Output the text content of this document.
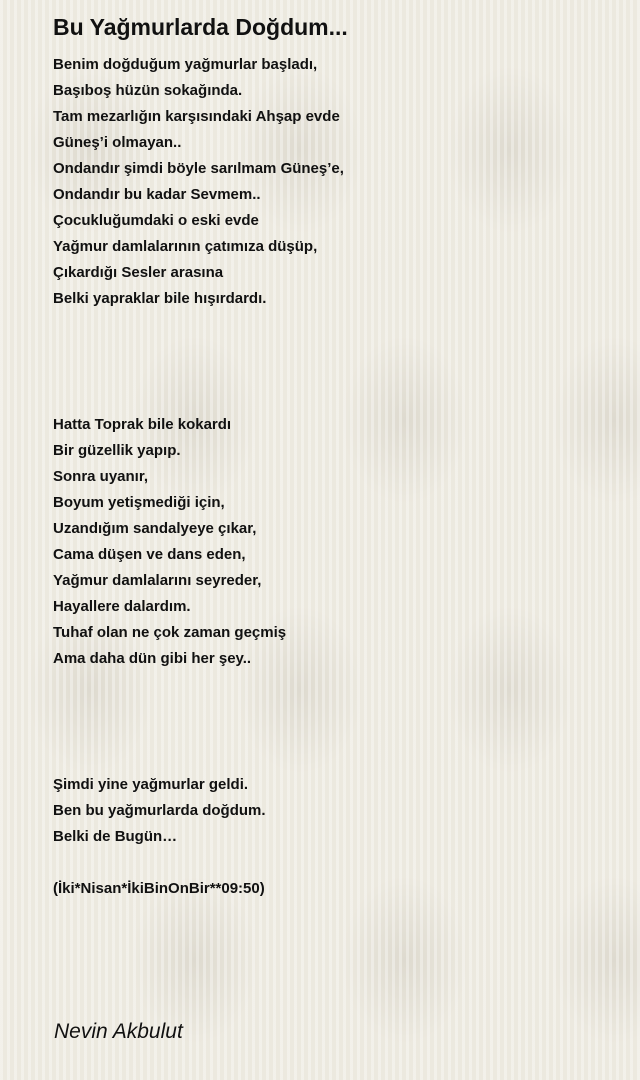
Bu Yağmurlarda Doğdum...
Benim doğduğum yağmurlar başladı,
Başıboş hüzün sokağında.
Tam mezarlığın karşısındaki Ahşap evde
Güneş’i olmayan..
Ondandır şimdi böyle sarılmam Güneş’e,
Ondandır bu kadar Sevmem..
Çocukluğumdaki o eski evde
Yağmur damlalarının çatımıza düşüp,
Çıkardığı Sesler arasına
Belki yapraklar bile hışırdardı.
Hatta Toprak bile kokardı
Bir güzellik yapıp.
Sonra uyanır,
Boyum yetişmediği için,
Uzandığım sandalyeye çıkar,
Cama düşen ve dans eden,
Yağmur damlalarını seyreder,
Hayallere dalardım.
Tuhaf olan ne çok zaman geçmiş
Ama daha dün gibi her şey..
Şimdi yine yağmurlar geldi.
Ben bu yağmurlarda doğdum.
Belki de Bugün…
(İki*Nisan*İkiBinOnBir**09:50)

Nevin Akbulut
